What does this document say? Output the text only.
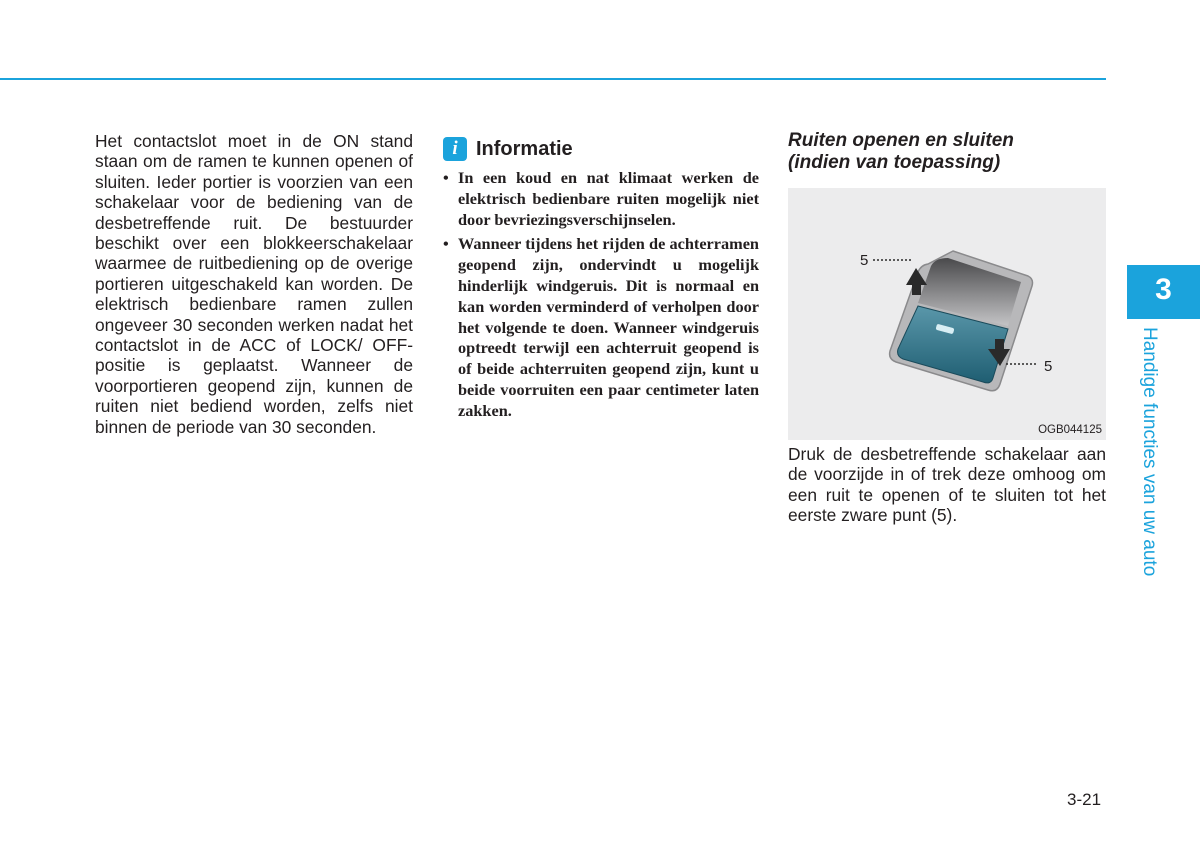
Het contactslot moet in de ON stand staan om de ramen te kunnen openen of sluiten. Ieder portier is voorzien van een schakelaar voor de bediening van de desbetreffende ruit. De bestuurder beschikt over een blokkeerschakelaar waarmee de ruitbediening op de overige portieren uitgeschakeld kan worden. De elektrisch bedienbare ramen zullen ongeveer 30 seconden werken nadat het contactslot in de ACC of LOCK/ OFF-positie is geplaatst. Wanneer de voorportieren geopend zijn, kunnen de ruiten niet bediend worden, zelfs niet binnen de periode van 30 seconden.

i Informatie
• In een koud en nat klimaat werken de elektrisch bedienbare ruiten mogelijk niet door bevriezingsverschijnselen.
• Wanneer tijdens het rijden de achterramen geopend zijn, ondervindt u mogelijk hinderlijk windgeruis. Dit is normaal en kan worden verminderd of verholpen door het volgende te doen. Wanneer windgeruis optreedt terwijl een achterruit geopend is of beide achterruiten geopend zijn, kunt u beide voorruiten een paar centimeter laten zakken.
Ruiten openen en sluiten
(indien van toepassing)
5
5
OGB044125

Druk de desbetreffende schakelaar aan de voorzijde in of trek deze omhoog om een ruit te openen of te sluiten tot het eerste zware punt (5).

3
Handige functies van uw auto
3-21
